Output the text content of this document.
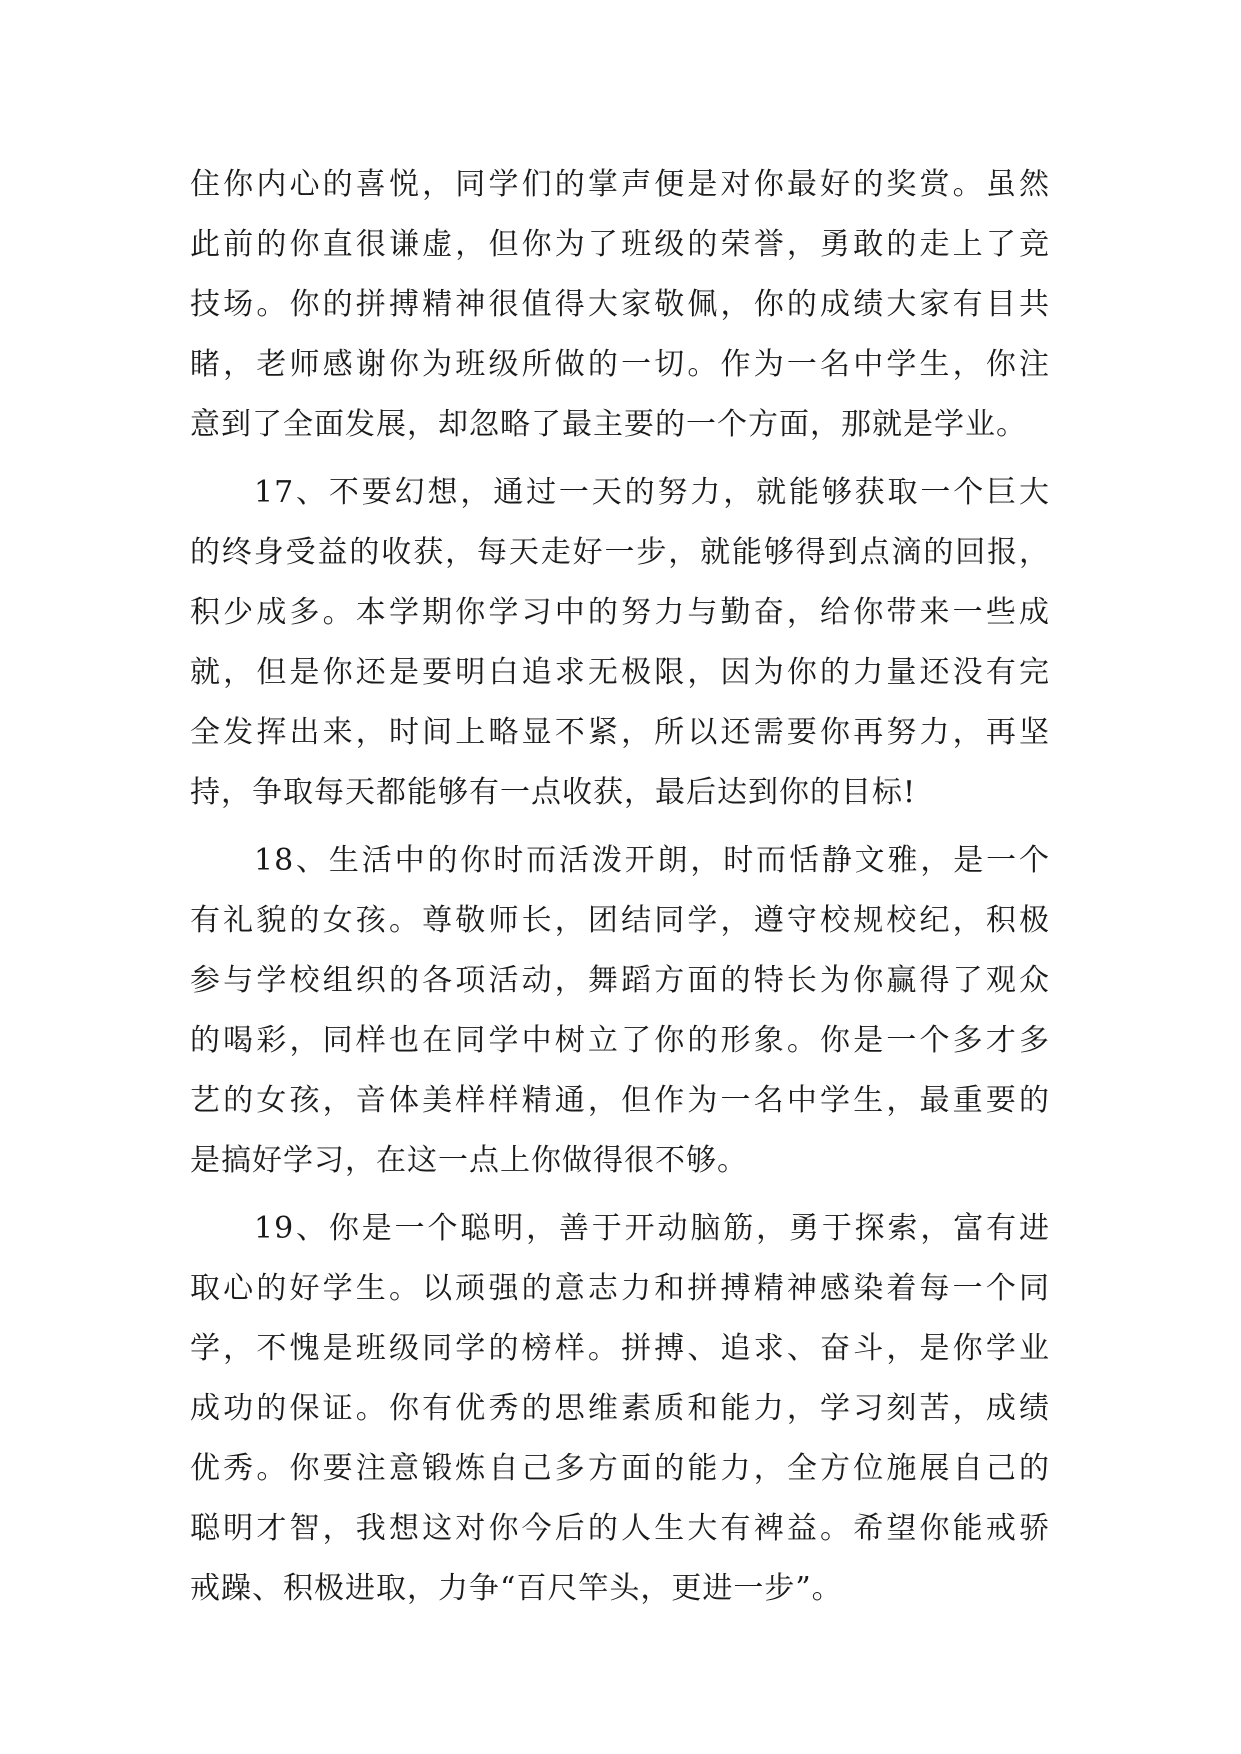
住你内心的喜悦，同学们的掌声便是对你最好的奖赏。虽然
此前的你直很谦虚，但你为了班级的荣誉，勇敢的走上了竞
技场。你的拼搏精神很值得大家敬佩，你的成绩大家有目共
睹，老师感谢你为班级所做的一切。作为一名中学生，你注
意到了全面发展，却忽略了最主要的一个方面，那就是学业。
17、不要幻想，通过一天的努力，就能够获取一个巨大
的终身受益的收获，每天走好一步，就能够得到点滴的回报，
积少成多。本学期你学习中的努力与勤奋，给你带来一些成
就，但是你还是要明白追求无极限，因为你的力量还没有完
全发挥出来，时间上略显不紧，所以还需要你再努力，再坚
持，争取每天都能够有一点收获，最后达到你的目标!
18、生活中的你时而活泼开朗，时而恬静文雅，是一个
有礼貌的女孩。尊敬师长，团结同学，遵守校规校纪，积极
参与学校组织的各项活动，舞蹈方面的特长为你赢得了观众
的喝彩，同样也在同学中树立了你的形象。你是一个多才多
艺的女孩，音体美样样精通，但作为一名中学生，最重要的
是搞好学习，在这一点上你做得很不够。
19、你是一个聪明，善于开动脑筋，勇于探索，富有进
取心的好学生。以顽强的意志力和拼搏精神感染着每一个同
学，不愧是班级同学的榜样。拼搏、追求、奋斗，是你学业
成功的保证。你有优秀的思维素质和能力，学习刻苦，成绩
优秀。你要注意锻炼自己多方面的能力，全方位施展自己的
聪明才智，我想这对你今后的人生大有裨益。希望你能戒骄
戒躁、积极进取，力争“百尺竿头，更进一步”。
